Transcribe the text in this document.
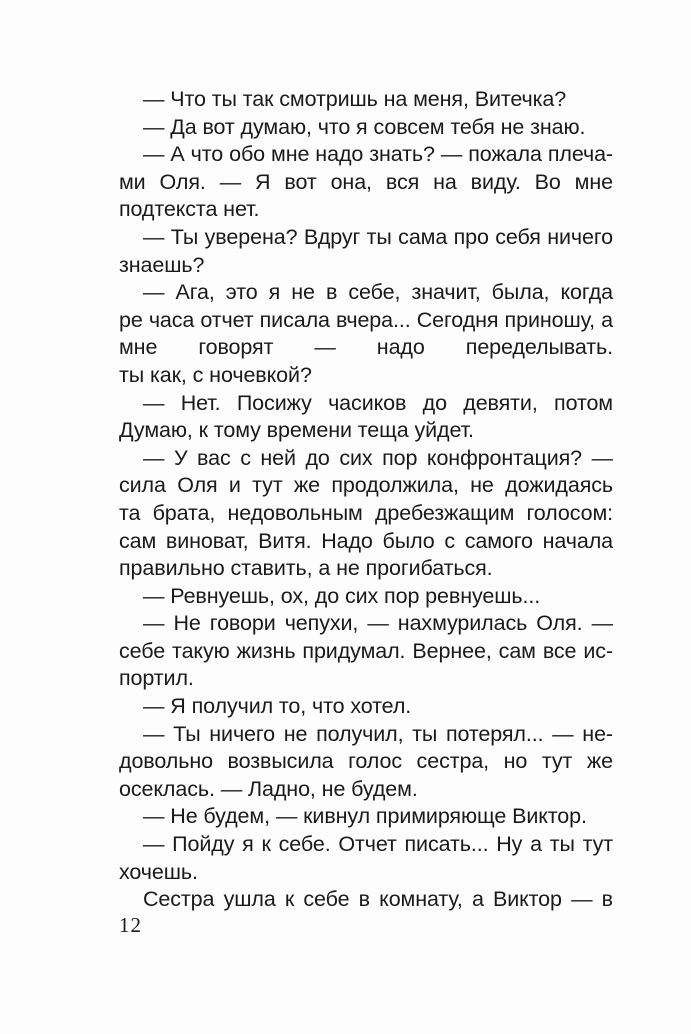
— Что ты так смотришь на меня, Витечка?
— Да вот думаю, что я совсем тебя не знаю.
— А что обо мне надо знать? — пожала плеча-
ми Оля. — Я вот она, вся на виду. Во мне
подтекста нет.
— Ты уверена? Вдруг ты сама про себя ничего
знаешь?
— Ага, это я не в себе, значит, была, когда
ре часа отчет писала вчера... Сегодня приношу, а
мне говорят — надо переделывать.
ты как, с ночевкой?
— Нет. Посижу часиков до девяти, потом
Думаю, к тому времени теща уйдет.
— У вас с ней до сих пор конфронтация? —
сила Оля и тут же продолжила, не дожидаясь
та брата, недовольным дребезжащим голосом:
сам виноват, Витя. Надо было с самого начала
правильно ставить, а не прогибаться.
— Ревнуешь, ох, до сих пор ревнуешь...
— Не говори чепухи, — нахмурилась Оля. —
себе такую жизнь придумал. Вернее, сам все ис-
портил.
— Я получил то, что хотел.
— Ты ничего не получил, ты потерял... — не-
довольно возвысила голос сестра, но тут же
осеклась. — Ладно, не будем.
— Не будем, — кивнул примиряюще Виктор.
— Пойду я к себе. Отчет писать... Ну а ты тут
хочешь.
Сестра ушла к себе в комнату, а Виктор — в
12
